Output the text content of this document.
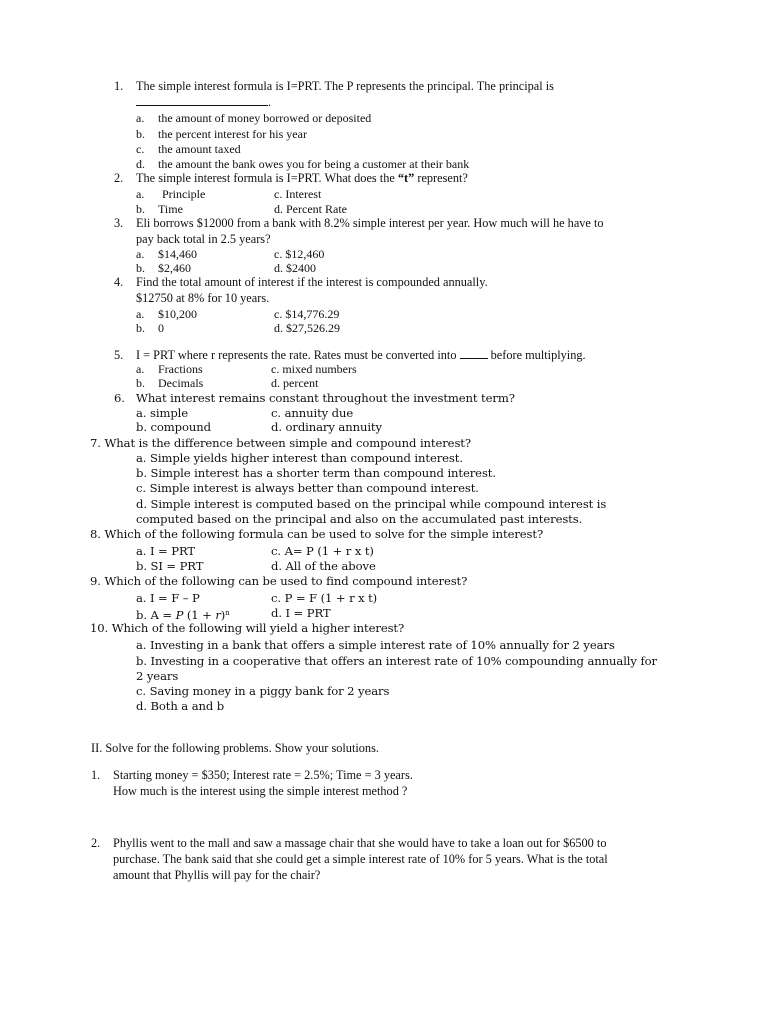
1. The simple interest formula is I=PRT. The P represents the principal. The principal is
.
a. the amount of money borrowed or deposited
b. the percent interest for his year
c. the amount taxed
d. the amount the bank owes you for being a customer at their bank
2. The simple interest formula is I=PRT. What does the “t” represent?
a. Principle	c. Interest
b. Time	d. Percent Rate
3. Eli borrows $12000 from a bank with 8.2% simple interest per year. How much will he have to
pay back total in 2.5 years?
a. $14,460	c. $12,460
b. $2,460	d. $2400
4. Find the total amount of interest if the interest is compounded annually.
$12750 at 8% for 10 years.
a. $10,200	c. $14,776.29
b. 0	d. $27,526.29
5. I = PRT where r represents the rate. Rates must be converted into	before multiplying.
a. Fractions	c. mixed numbers
b. Decimals	d. percent
6. What interest remains constant throughout the investment term?
a. simple	c. annuity due
b. compound	d. ordinary annuity
7. What is the difference between simple and compound interest?
a. Simple yields higher interest than compound interest.
b. Simple interest has a shorter term than compound interest.
c. Simple interest is always better than compound interest.
d. Simple interest is computed based on the principal while compound interest is
computed based on the principal and also on the accumulated past interests.
8. Which of the following formula can be used to solve for the simple interest?
a. I = PRT	c. A= P (1 + r x t)
b. SI = PRT	d. All of the above
9. Which of the following can be used to find compound interest?
a. I = F – P	c. P = F (1 + r x t)
b. A = P $(1 + r)^n$	d. I = PRT
10. Which of the following will yield a higher interest?
a. Investing in a bank that offers a simple interest rate of 10% annually for 2 years
b. Investing in a cooperative that offers an interest rate of 10% compounding annually for
2 years
c. Saving money in a piggy bank for 2 years
d. Both a and b
II. Solve for the following problems. Show your solutions.
1. Starting money = $350; Interest rate = 2.5%; Time = 3 years.
How much is the interest using the simple interest method ?
2. Phyllis went to the mall and saw a massage chair that she would have to take a loan out for $6500 to
purchase. The bank said that she could get a simple interest rate of 10% for 5 years. What is the total
amount that Phyllis will pay for the chair?
